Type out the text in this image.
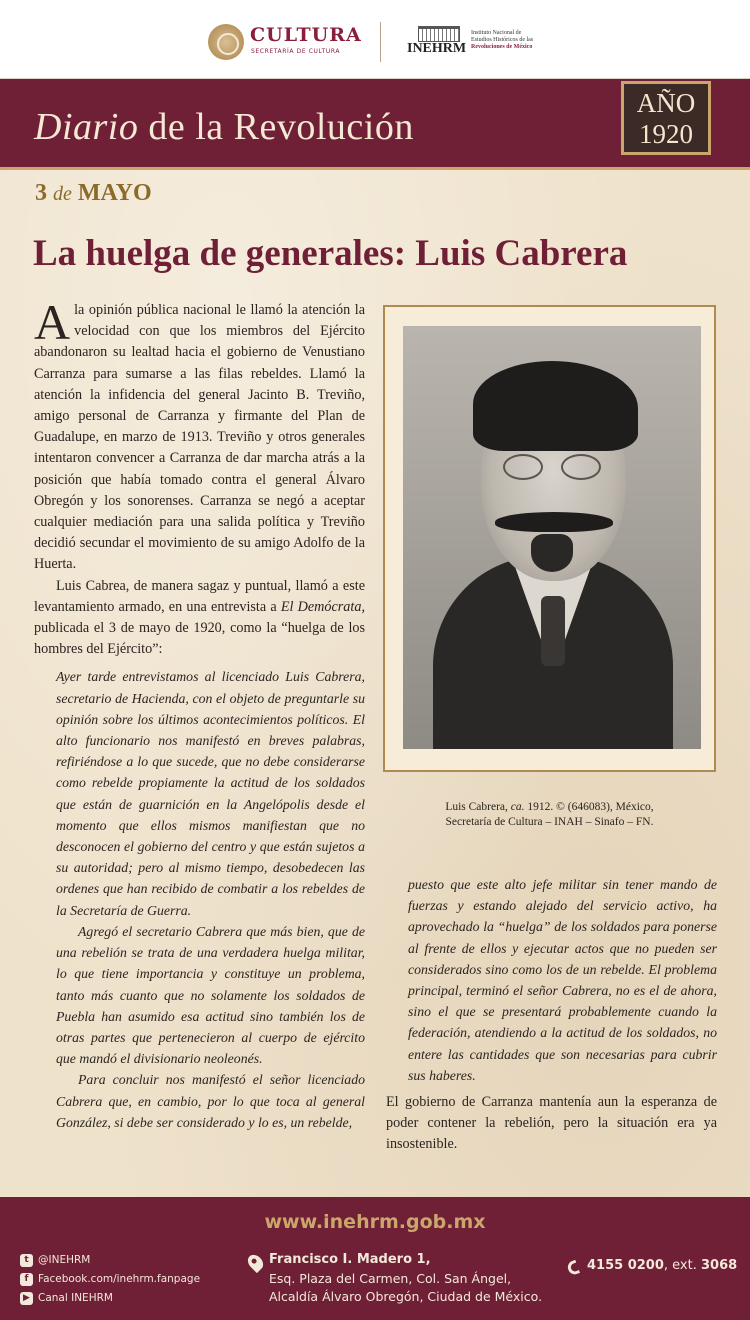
CULTURA
SECRETARÍA DE CULTURA	INEHRM
Instituto Nacional de
Estudios Históricos de las
Revoluciones de México
Diario de la Revolución
AÑO
1920
3 de MAYO
La huelga de generales: Luis Cabrera

Ala opinión pública nacional le llamó la atención la velocidad con que los miembros del Ejército abandonaron su lealtad hacia el gobierno de Venustiano Carranza para sumarse a las filas rebeldes. Llamó la atención la infidencia del general Jacinto B. Treviño, amigo personal de Carranza y firmante del Plan de Guadalupe, en marzo de 1913. Treviño y otros generales intentaron convencer a Carranza de dar marcha atrás a la posición que había tomado contra el general Álvaro Obregón y los sonorenses. Carranza se negó a aceptar cualquier mediación para una salida política y Treviño decidió secundar el movimiento de su amigo Adolfo de la Huerta.

Luis Cabrea, de manera sagaz y puntual, llamó a este levantamiento armado, en una entrevista a El Demócrata, publicada el 3 de mayo de 1920, como la “huelga de los hombres del Ejército”:

Ayer tarde entrevistamos al licenciado Luis Cabrera, secretario de Hacienda, con el objeto de preguntarle su opinión sobre los últimos acontecimientos políticos. El alto funcionario nos manifestó en breves palabras, refiriéndose a lo que sucede, que no debe considerarse como rebelde propiamente la actitud de los soldados que están de guarnición en la Angelópolis desde el momento que ellos mismos manifiestan que no desconocen el gobierno del centro y que están sujetos a su autoridad; pero al mismo tiempo, desobedecen las ordenes que han recibido de combatir a los rebeldes de la Secretaría de Guerra.

Agregó el secretario Cabrera que más bien, que de una rebelión se trata de una verdadera huelga militar, lo que tiene importancia y constituye un problema, tanto más cuanto que no solamente los soldados de Puebla han asumido esa actitud sino también los de otras partes que pertenecieron al cuerpo de ejército que mandó el divisionario neoleonés.

Para concluir nos manifestó el señor licenciado Cabrera que, en cambio, por lo que toca al general González, si debe ser considerado y lo es, un rebelde,

Luis Cabrera, ca. 1912. © (646083), México,
Secretaría de Cultura – INAH – Sinafo – FN.

puesto que este alto jefe militar sin tener mando de fuerzas y estando alejado del servicio activo, ha aprovechado la “huelga” de los soldados para ponerse al frente de ellos y ejecutar actos que no pueden ser considerados sino como los de un rebelde. El problema principal, terminó el señor Cabrera, no es el de ahora, sino el que se presentará probablemente cuando la federación, atendiendo a la actitud de los soldados, no entere las cantidades que son necesarias para cubrir sus haberes.

El gobierno de Carranza mantenía aun la esperanza de poder contener la rebelión, pero la situación era ya insostenible.

www.inehrm.gob.mx
t @INEHRM
f Facebook.com/inehrm.fanpage
▶ Canal INEHRM
Francisco I. Madero 1,
Esq. Plaza del Carmen, Col. San Ángel,
Alcaldía Álvaro Obregón, Ciudad de México.
4155 0200, ext. 3068
